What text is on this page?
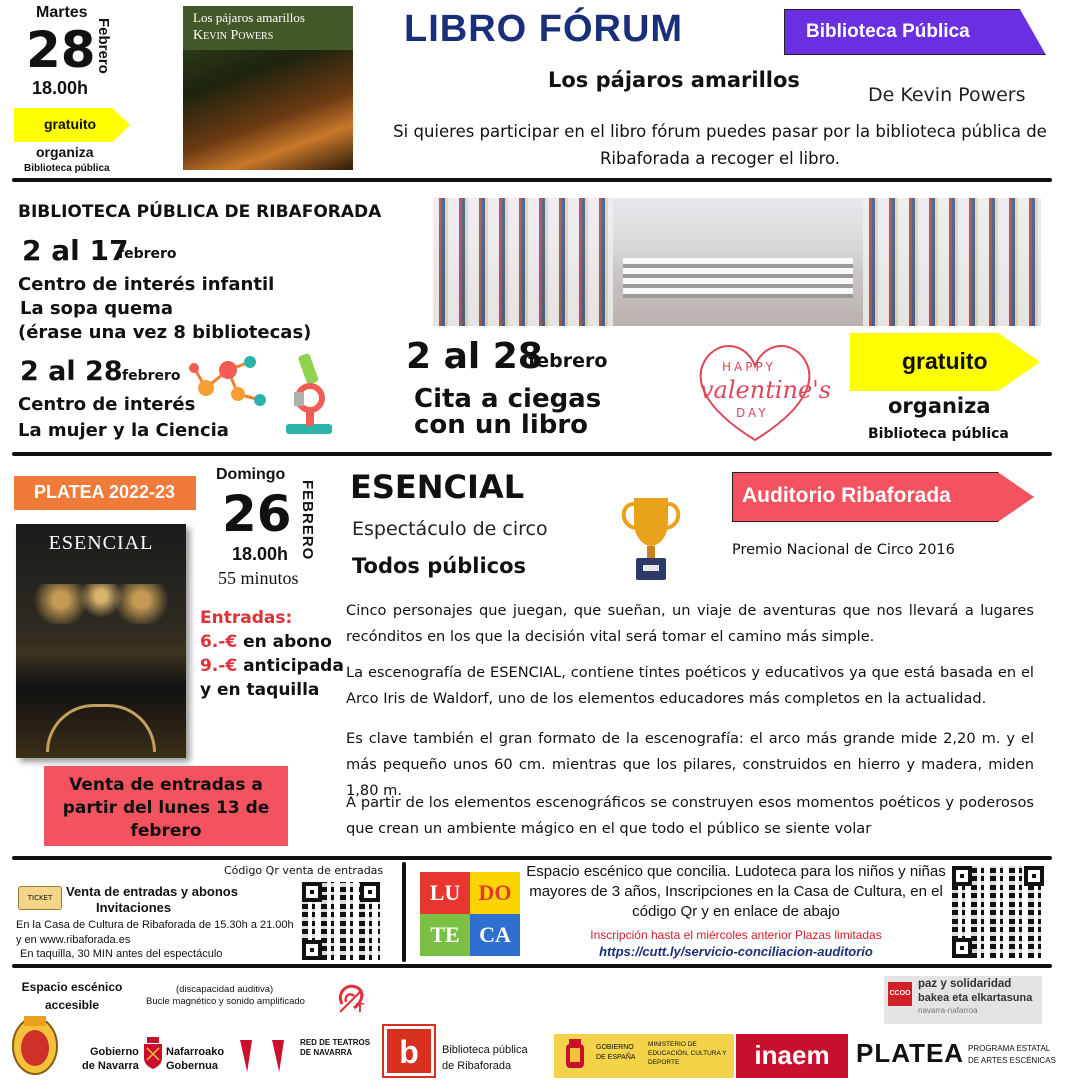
Martes
28 Febrero
18.00h
gratuito
organiza
Biblioteca pública
Los pájaros amarillos
Kevin Powers	LIBRO FÓRUM	Biblioteca Pública
Los pájaros amarillos
De Kevin Powers
Si quieres participar en el libro fórum puedes pasar por la biblioteca pública de Ribaforada a recoger el libro.
BIBLIOTECA PÚBLICA DE RIBAFORADA
2 al 17
febrero
Centro de interés infantil
La sopa quema
(érase una vez 8 bibliotecas)
2 al 28 febrero
Centro de interés
La mujer y la Ciencia
2 al 28
febrero
Cita a ciegas
con un libro
HAPPY
valentine's
DAY
gratuito
organiza
Biblioteca pública
PLATEA 2022-23
ESENCIAL
Domingo
26 FEBRERO
18.00h
55 minutos
Entradas:
6.-€ en abono
9.-€ anticipada
y en taquilla
Venta de entradas a partir del lunes 13 de febrero
ESENCIAL
Espectáculo de circo
Todos públicos
Auditorio Ribaforada
Premio Nacional de Circo 2016
Cinco personajes que juegan, que sueñan, un viaje de aventuras que nos llevará a lugares recónditos en los que la decisión vital será tomar el camino más simple.
La escenografía de ESENCIAL, contiene tintes poéticos y educativos ya que está basada en el Arco Iris de Waldorf, uno de los elementos educadores más completos en la actualidad.
Es clave también el gran formato de la escenografía: el arco más grande mide 2,20 m. y el más pequeño unos 60 cm. mientras que los pilares, construidos en hierro y madera, miden 1,80 m.
A partir de los elementos escenográficos se construyen esos momentos poéticos y poderosos que crean un ambiente mágico en el que todo el público se siente volar
Código Qr venta de entradas
TICKET	Venta de entradas y abonos
Invitaciones
En la Casa de Cultura de Ribaforada de 15.30h a 21.00h y en www.ribaforada.es
En taquilla, 30 MIN antes del espectáculo
LU DO
TE CA
Espacio escénico que concilia. Ludoteca para los niños y niñas mayores de 3 años, Inscripciones en la Casa de Cultura, en el código Qr y en enlace de abajo
Inscripción hasta el miércoles anterior Plazas limitadas
https://cutt.ly/servicio-conciliacion-auditorio
Espacio escénico accesible
(discapacidad auditiva)
Bucle magnético y sonido amplificado	T
CCOO
paz y solidaridad
bakea eta elkartasuna
navarra-nafarroa
Gobierno
de Navarra
Nafarroako
Gobernua
RED DE TEATROS
DE NAVARRA	b	Biblioteca pública
de Ribaforada
GOBIERNO
DE ESPAÑA
MINISTERIO DE EDUCACIÓN, CULTURA Y DEPORTE	inaem	PLATEA PROGRAMA ESTATAL
DE ARTES ESCÉNICAS
